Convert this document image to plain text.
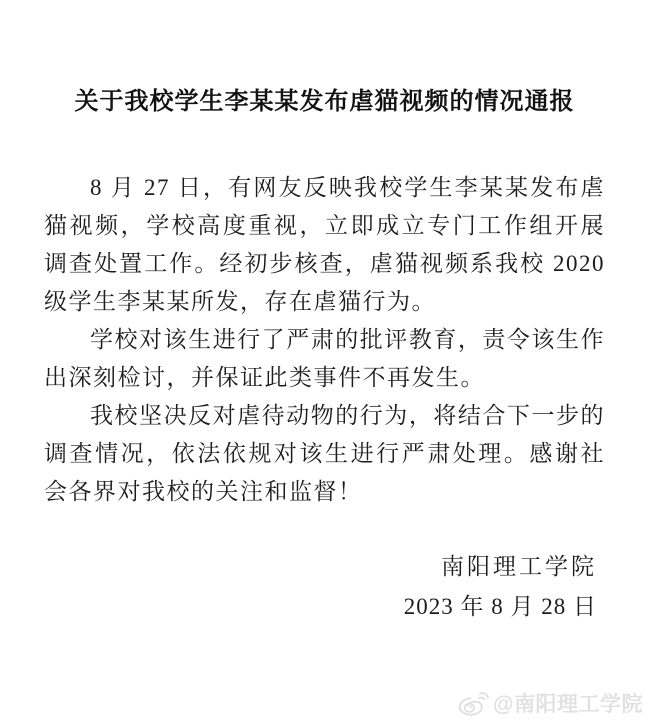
关于我校学生李某某发布虐猫视频的情况通报

8 月 27 日，有网友反映我校学生李某某发布虐猫视频，学校高度重视，立即成立专门工作组开展调查处置工作。经初步核查，虐猫视频系我校 2020 级学生李某某所发，存在虐猫行为。

学校对该生进行了严肃的批评教育，责令该生作出深刻检讨，并保证此类事件不再发生。

我校坚决反对虐待动物的行为，将结合下一步的调查情况，依法依规对该生进行严肃处理。感谢社会各界对我校的关注和监督！

南阳理工学院
2023 年 8 月 28 日
@南阳理工学院
